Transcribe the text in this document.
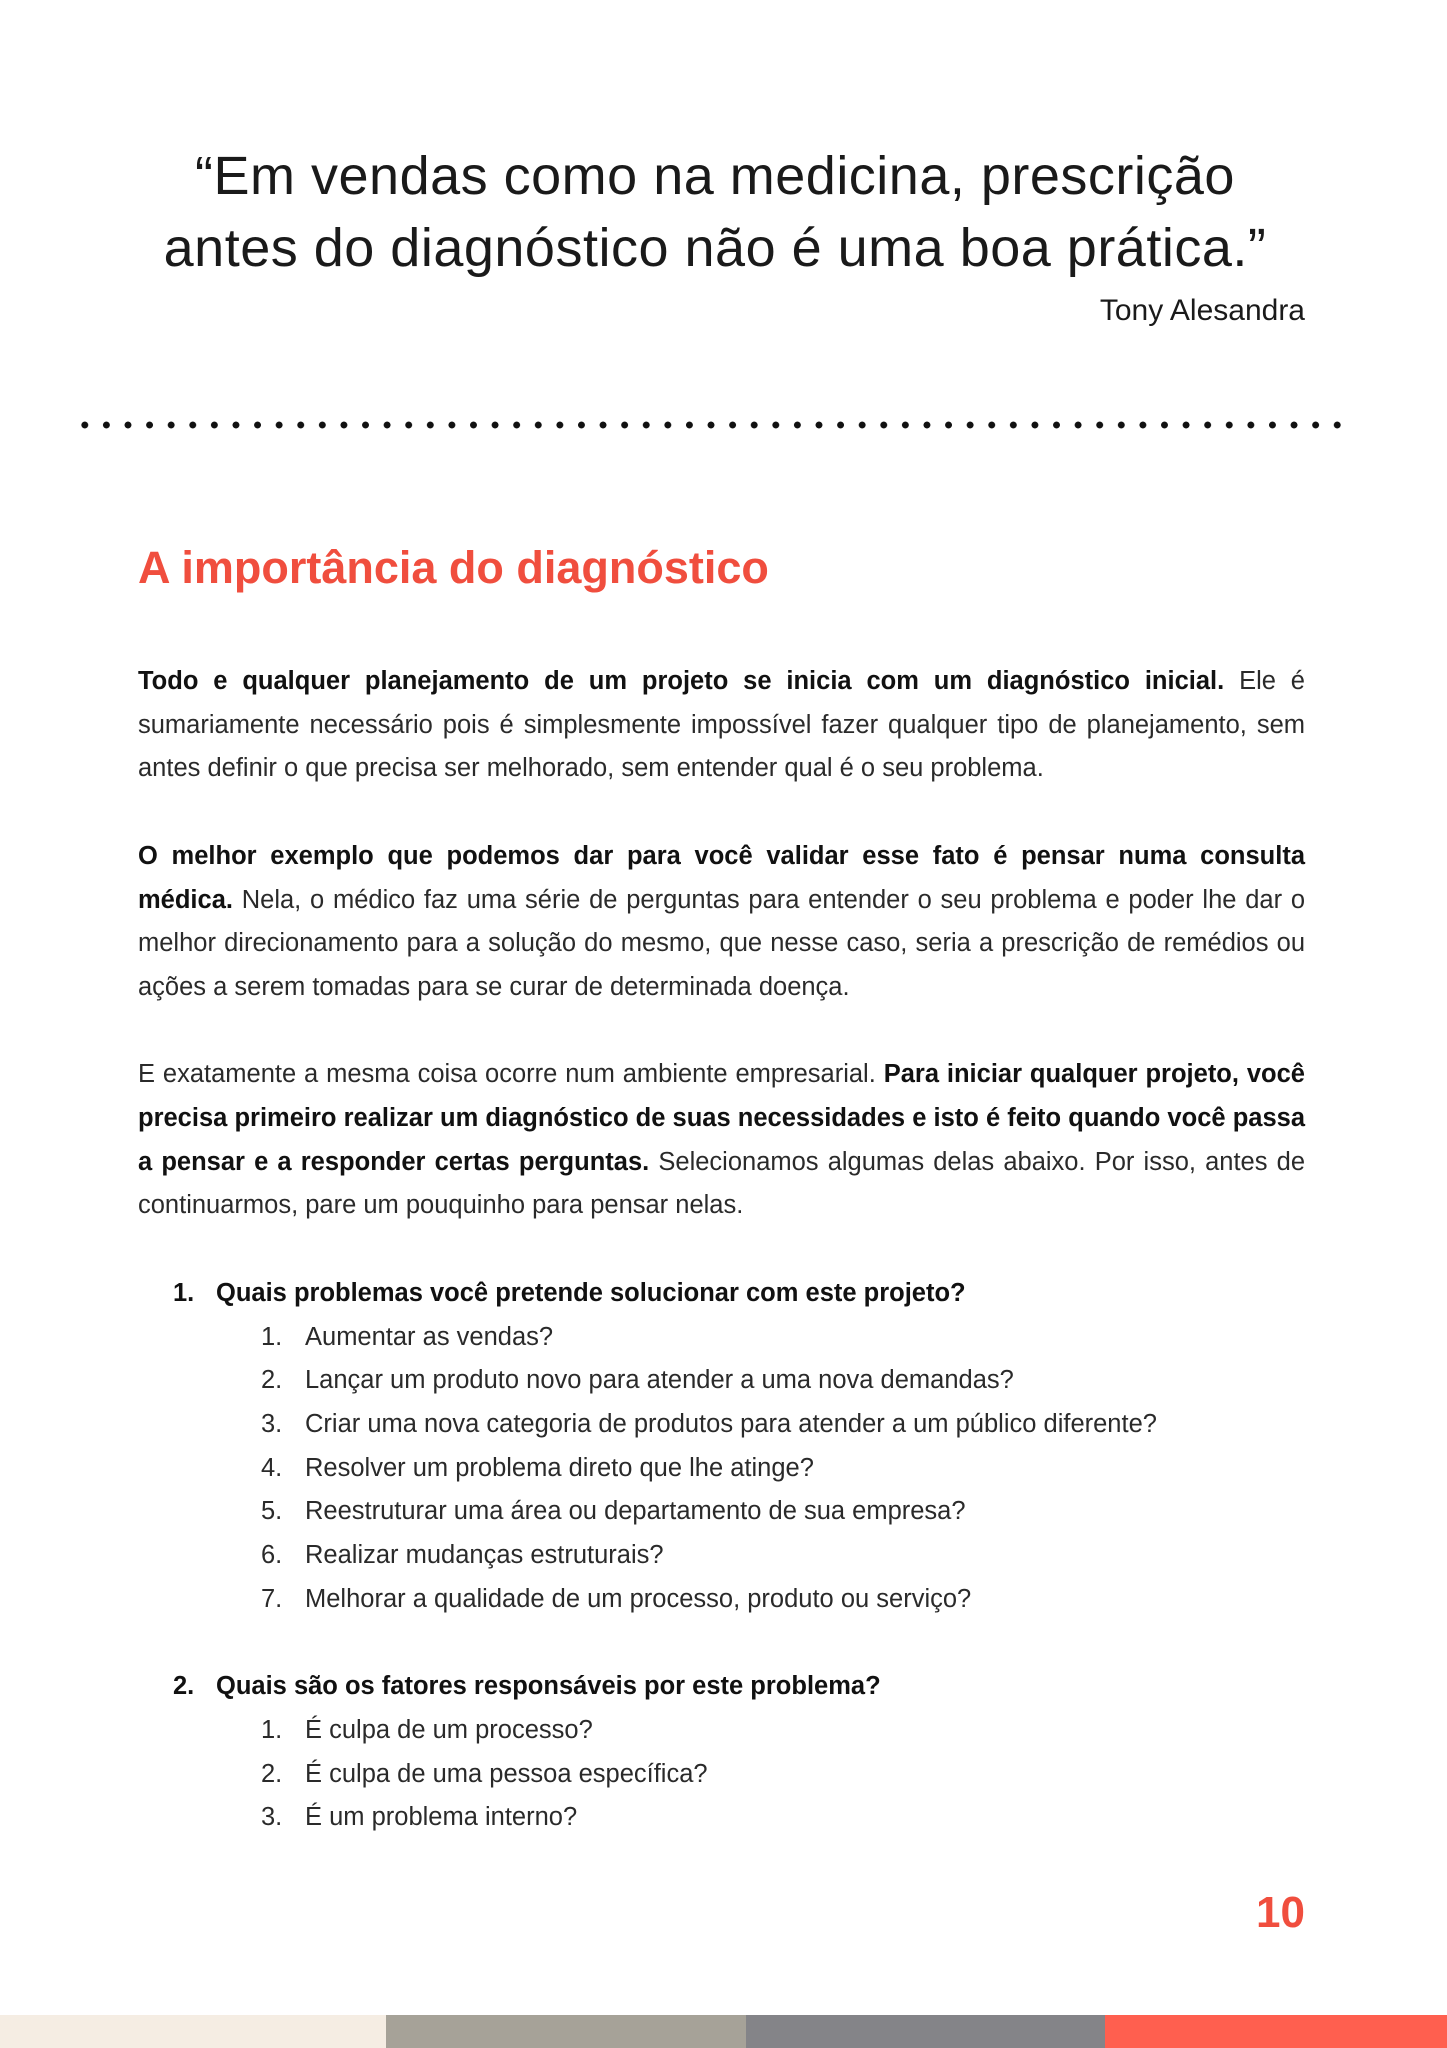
“Em vendas como na medicina, prescrição
antes do diagnóstico não é uma boa prática.”
Tony Alesandra
A importância do diagnóstico

Todo e qualquer planejamento de um projeto se inicia com um diagnóstico inicial. Ele é sumariamente necessário pois é simplesmente impossível fazer qualquer tipo de planejamento, sem antes definir o que precisa ser melhorado, sem entender qual é o seu problema.

O melhor exemplo que podemos dar para você validar esse fato é pensar numa consulta médica. Nela, o médico faz uma série de perguntas para entender o seu problema e poder lhe dar o melhor direcionamento para a solução do mesmo, que nesse caso, seria a prescrição de remédios ou ações a serem tomadas para se curar de determinada doença.

E exatamente a mesma coisa ocorre num ambiente empresarial. Para iniciar qualquer projeto, você precisa primeiro realizar um diagnóstico de suas necessidades e isto é feito quando você passa a pensar e a responder certas perguntas. Selecionamos algumas delas abaixo. Por isso, antes de continuarmos, pare um pouquinho para pensar nelas.

1. Quais problemas você pretende solucionar com este projeto?
1. Aumentar as vendas?
2. Lançar um produto novo para atender a uma nova demandas?
3. Criar uma nova categoria de produtos para atender a um público diferente?
4. Resolver um problema direto que lhe atinge?
5. Reestruturar uma área ou departamento de sua empresa?
6. Realizar mudanças estruturais?
7. Melhorar a qualidade de um processo, produto ou serviço?
2. Quais são os fatores responsáveis por este problema?
1. É culpa de um processo?
2. É culpa de uma pessoa específica?
3. É um problema interno?
10
